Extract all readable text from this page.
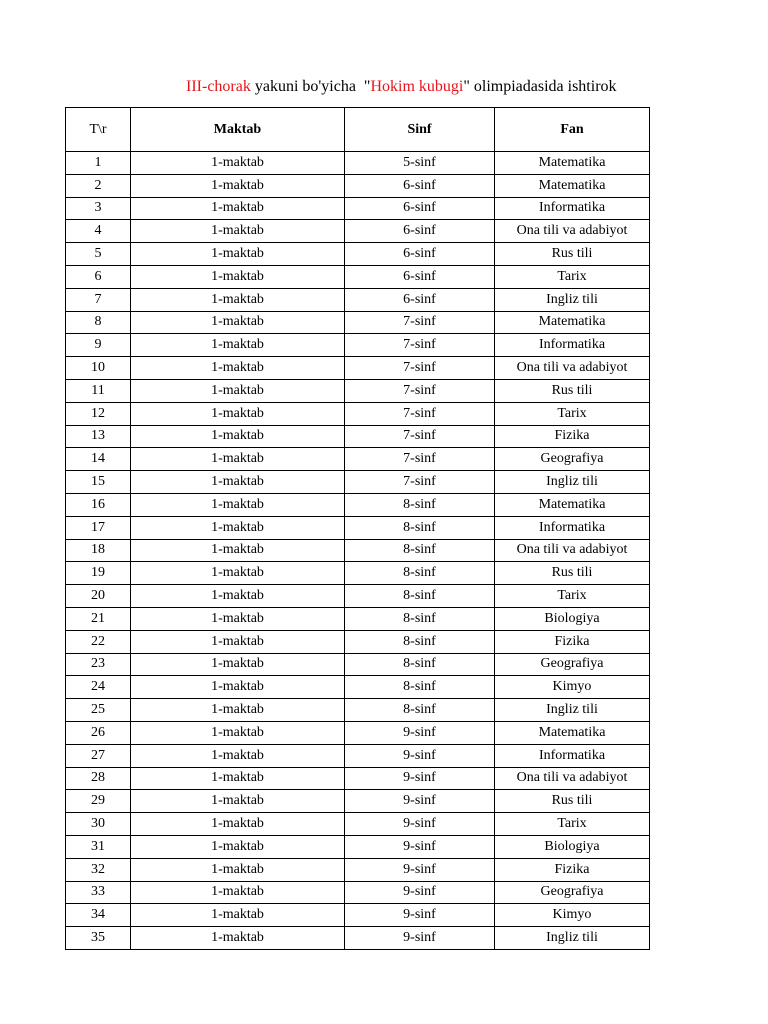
III-chorak yakuni bo'yicha  "Hokim kubugi" olimpiadasida ishtirok
T\r	Maktab	Sinf	Fan
1	1-maktab	5-sinf	Matematika
2	1-maktab	6-sinf	Matematika
3	1-maktab	6-sinf	Informatika
4	1-maktab	6-sinf	Ona tili va adabiyot
5	1-maktab	6-sinf	Rus tili
6	1-maktab	6-sinf	Tarix
7	1-maktab	6-sinf	Ingliz tili
8	1-maktab	7-sinf	Matematika
9	1-maktab	7-sinf	Informatika
10	1-maktab	7-sinf	Ona tili va adabiyot
11	1-maktab	7-sinf	Rus tili
12	1-maktab	7-sinf	Tarix
13	1-maktab	7-sinf	Fizika
14	1-maktab	7-sinf	Geografiya
15	1-maktab	7-sinf	Ingliz tili
16	1-maktab	8-sinf	Matematika
17	1-maktab	8-sinf	Informatika
18	1-maktab	8-sinf	Ona tili va adabiyot
19	1-maktab	8-sinf	Rus tili
20	1-maktab	8-sinf	Tarix
21	1-maktab	8-sinf	Biologiya
22	1-maktab	8-sinf	Fizika
23	1-maktab	8-sinf	Geografiya
24	1-maktab	8-sinf	Kimyo
25	1-maktab	8-sinf	Ingliz tili
26	1-maktab	9-sinf	Matematika
27	1-maktab	9-sinf	Informatika
28	1-maktab	9-sinf	Ona tili va adabiyot
29	1-maktab	9-sinf	Rus tili
30	1-maktab	9-sinf	Tarix
31	1-maktab	9-sinf	Biologiya
32	1-maktab	9-sinf	Fizika
33	1-maktab	9-sinf	Geografiya
34	1-maktab	9-sinf	Kimyo
35	1-maktab	9-sinf	Ingliz tili
